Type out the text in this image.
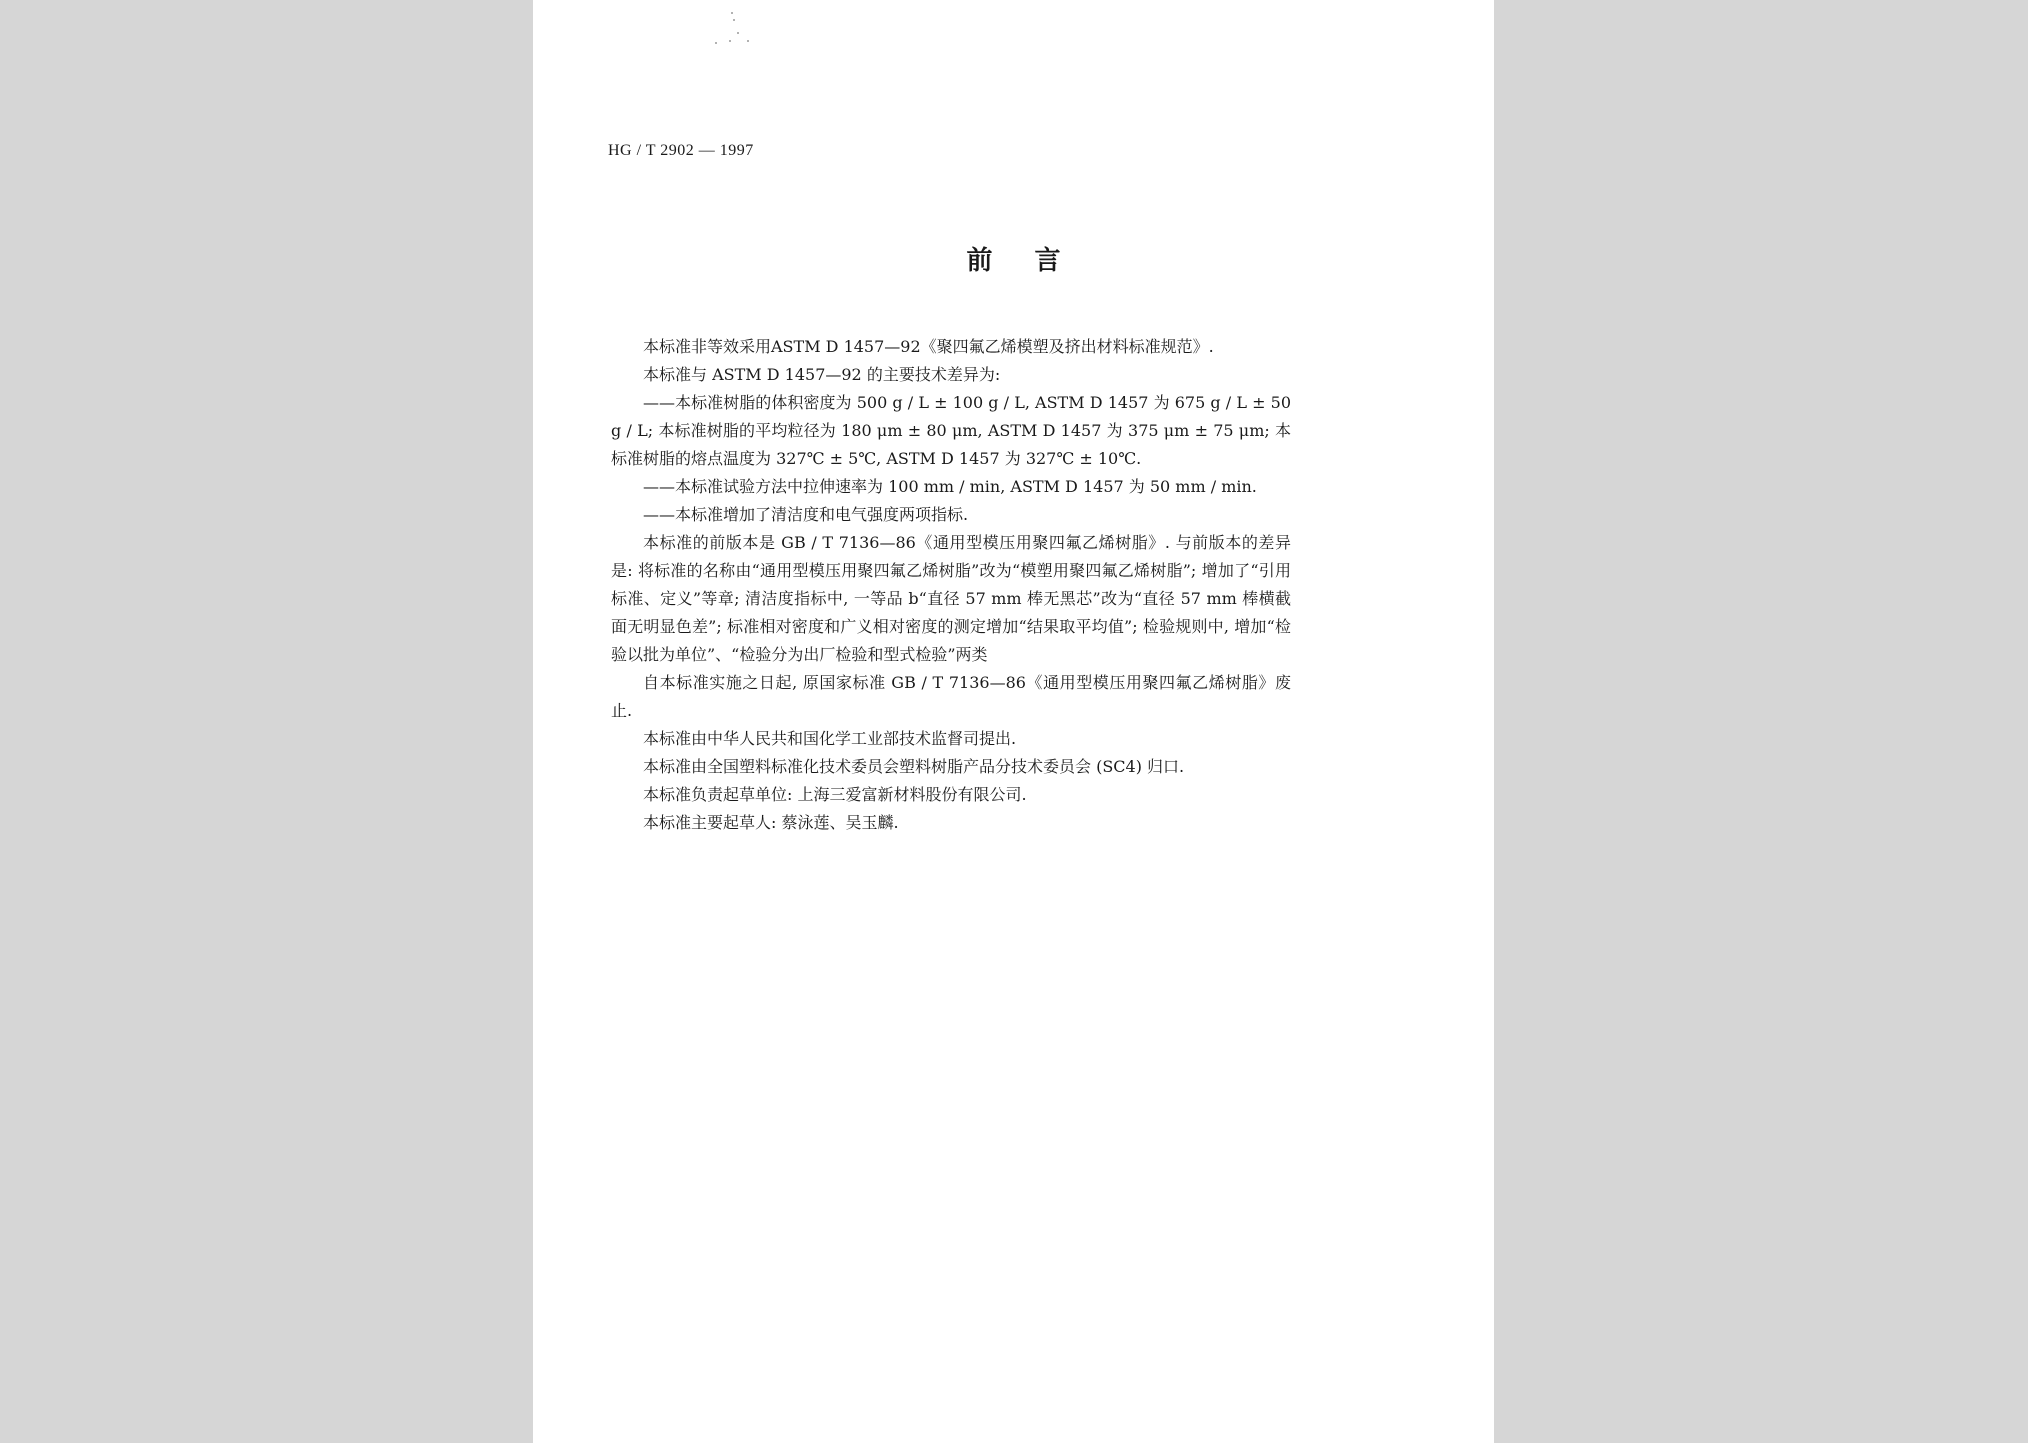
HG / T 2902 — 1997
前言

本标准非等效采用ASTM D 1457—92《聚四氟乙烯模塑及挤出材料标准规范》.

本标准与 ASTM D 1457—92 的主要技术差异为:

——本标准树脂的体积密度为 500 g / L ± 100 g / L, ASTM D 1457 为 675 g / L ± 50 g / L; 本标准树脂的平均粒径为 180 μm ± 80 μm, ASTM D 1457 为 375 μm ± 75 μm; 本标准树脂的熔点温度为 327℃ ± 5℃, ASTM D 1457 为 327℃ ± 10℃.

——本标准试验方法中拉伸速率为 100 mm / min, ASTM D 1457 为 50 mm / min.

——本标准增加了清洁度和电气强度两项指标.

本标准的前版本是 GB / T 7136—86《通用型模压用聚四氟乙烯树脂》. 与前版本的差异是: 将标准的名称由“通用型模压用聚四氟乙烯树脂”改为“模塑用聚四氟乙烯树脂”; 增加了“引用标准、定义”等章; 清洁度指标中, 一等品 b“直径 57 mm 棒无黑芯”改为“直径 57 mm 棒横截面无明显色差”; 标准相对密度和广义相对密度的测定增加“结果取平均值”; 检验规则中, 增加“检验以批为单位”、“检验分为出厂检验和型式检验”两类

自本标准实施之日起, 原国家标准 GB / T 7136—86《通用型模压用聚四氟乙烯树脂》废止.

本标准由中华人民共和国化学工业部技术监督司提出.

本标准由全国塑料标准化技术委员会塑料树脂产品分技术委员会 (SC4) 归口.

本标准负责起草单位: 上海三爱富新材料股份有限公司.

本标准主要起草人: 蔡泳莲、吴玉麟.
